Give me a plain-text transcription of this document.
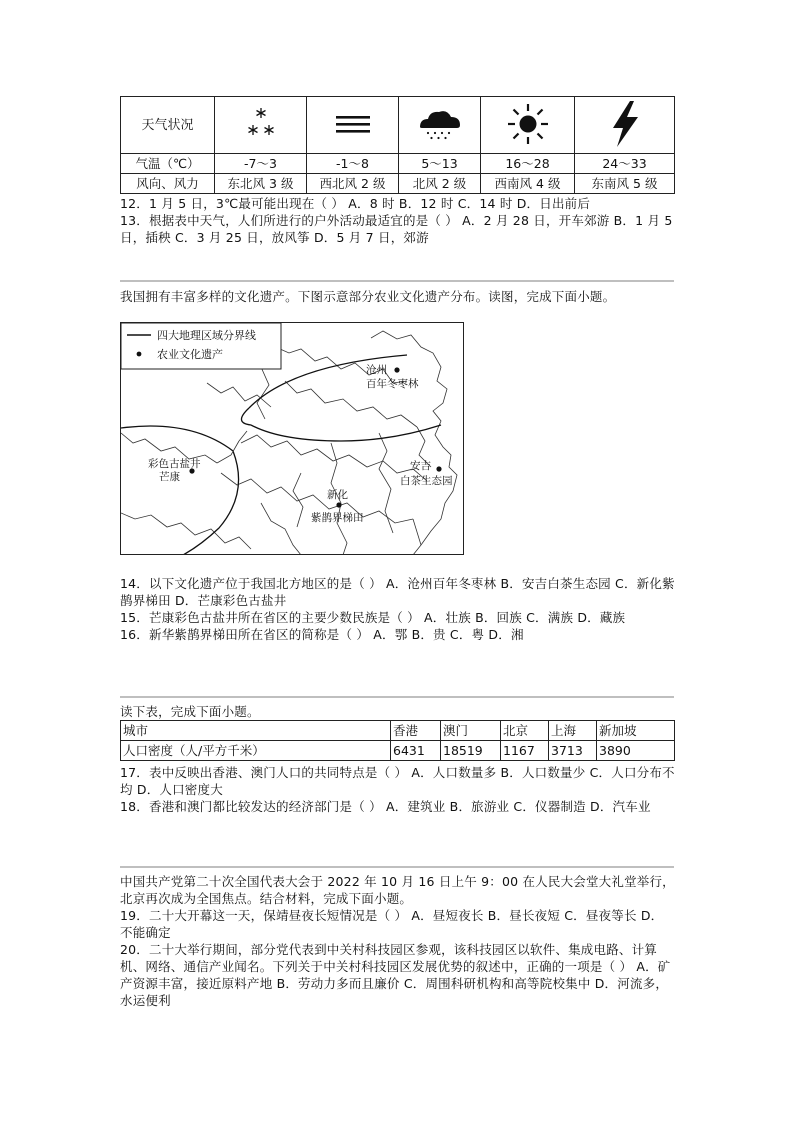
天气状况					
气温（℃）	-7～3	-1～8	5～13	16～28	24～33
风向、风力	东北风 3 级	西北风 2 级	北风 2 级	西南风 4 级	东南风 5 级

12．1 月 5 日，3℃最可能出现在（ ） A．8 时 B．12 时 C．14 时 D．日出前后

13．根据表中天气，人们所进行的户外活动最适宜的是（ ） A．2 月 28 日，开车郊游 B．1 月 5 日，插秧 C．3 月 25 日，放风筝 D．5 月 7 日，郊游

我国拥有丰富多样的文化遗产。下图示意部分农业文化遗产分布。读图，完成下面小题。
四大地理区域分界线
农业文化遗产
沧州
百年冬枣林
彩色古盐井
芒康
安吉
白茶生态园
新化
紫鹊界梯田

14．以下文化遗产位于我国北方地区的是（ ） A．沧州百年冬枣林 B．安吉白茶生态园 C．新化紫鹊界梯田 D．芒康彩色古盐井

15．芒康彩色古盐井所在省区的主要少数民族是（ ） A．壮族 B．回族 C．满族 D．藏族

16．新华紫鹊界梯田所在省区的简称是（ ） A．鄂 B．贵 C．粤 D．湘

读下表，完成下面小题。
城市	香港	澳门	北京	上海	新加坡
人口密度（人/平方千米）	6431	18519	1167	3713	3890

17．表中反映出香港、澳门人口的共同特点是（ ） A．人口数量多 B．人口数量少 C．人口分布不均 D．人口密度大

18．香港和澳门都比较发达的经济部门是（ ） A．建筑业 B．旅游业 C．仪器制造 D．汽车业

中国共产党第二十次全国代表大会于 2022 年 10 月 16 日上午 9：00 在人民大会堂大礼堂举行，北京再次成为全国焦点。结合材料，完成下面小题。

19．二十大开幕这一天，保靖昼夜长短情况是（ ） A．昼短夜长 B．昼长夜短 C．昼夜等长 D．不能确定

20．二十大举行期间，部分党代表到中关村科技园区参观，该科技园区以软件、集成电路、计算机、网络、通信产业闻名。下列关于中关村科技园区发展优势的叙述中，正确的一项是（ ） A．矿产资源丰富，接近原料产地 B．劳动力多而且廉价 C．周围科研机构和高等院校集中 D．河流多，水运便利
